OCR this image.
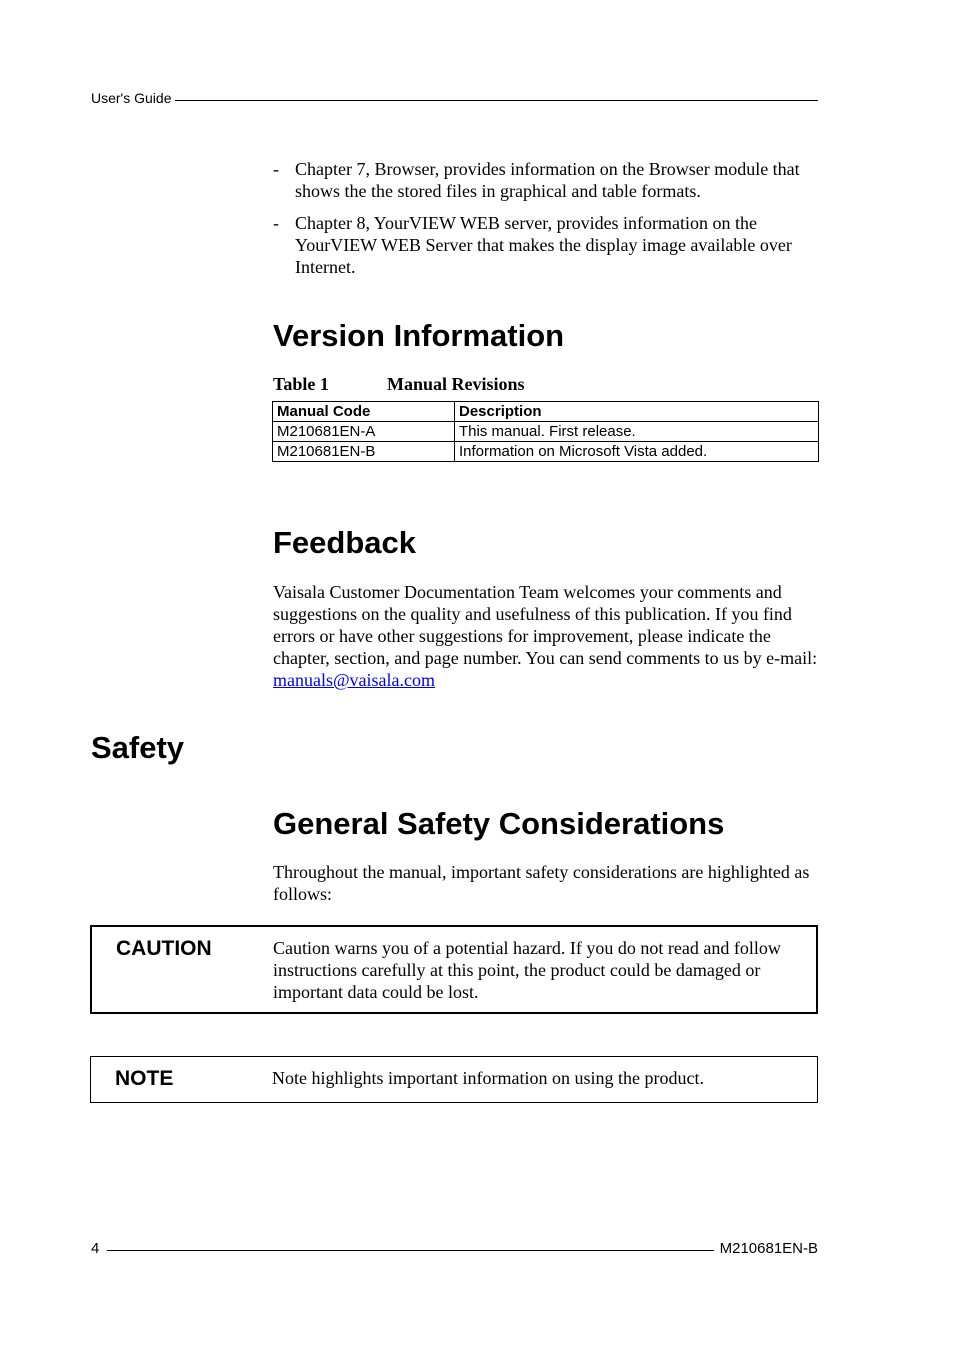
User's Guide
- Chapter 7, Browser, provides information on the Browser module that shows the the stored files in graphical and table formats.
- Chapter 8, YourVIEW WEB server, provides information on the YourVIEW WEB Server that makes the display image available over Internet.
Version Information
Table 1	Manual Revisions
Manual Code	Description
M210681EN-A	This manual. First release.
M210681EN-B	Information on Microsoft Vista added.
Feedback
Vaisala Customer Documentation Team welcomes your comments and suggestions on the quality and usefulness of this publication. If you find errors or have other suggestions for improvement, please indicate the chapter, section, and page number. You can send comments to us by e-mail: manuals@vaisala.com
Safety
General Safety Considerations
Throughout the manual, important safety considerations are highlighted as follows:
CAUTION	Caution warns you of a potential hazard. If you do not read and follow instructions carefully at this point, the product could be damaged or important data could be lost.
NOTE	Note highlights important information on using the product.
4	M210681EN-B
